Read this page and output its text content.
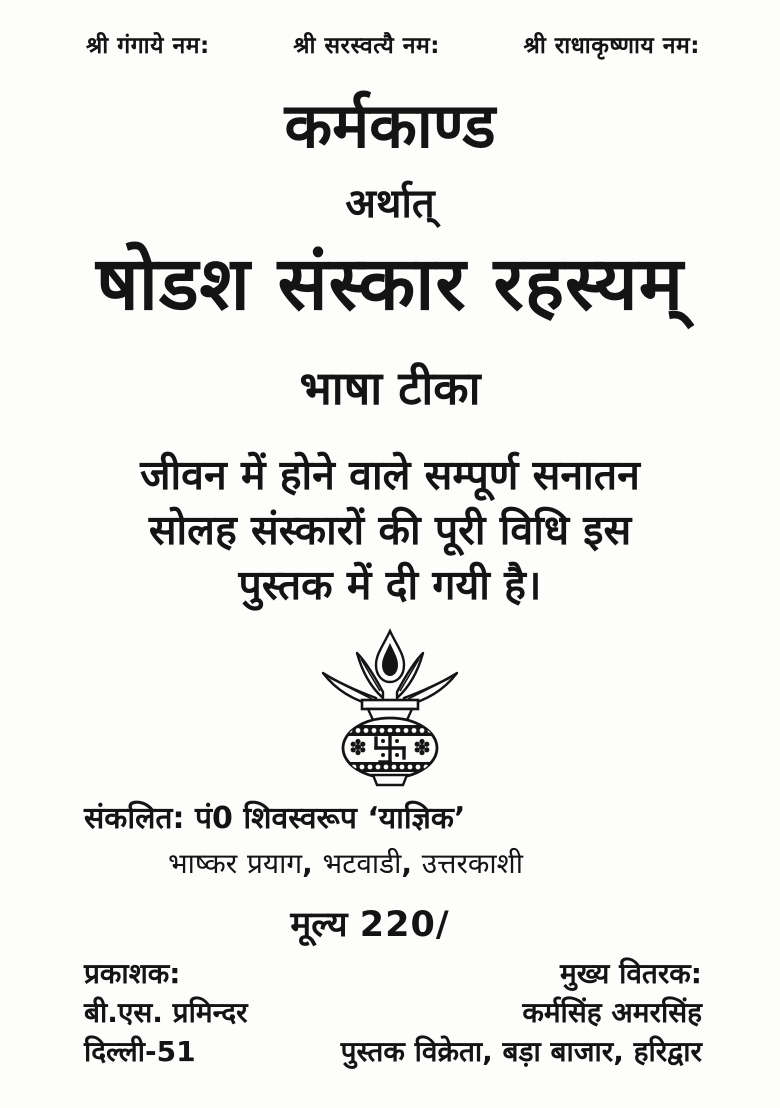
श्री गंगाये नम:	श्री सरस्वत्यै नम:	श्री राधाकृष्णाय नम:
कर्मकाण्ड
अर्थात्
षोडश संस्कार रहस्यम्
भाषा टीका
जीवन में होने वाले सम्पूर्ण सनातन
सोलह संस्कारों की पूरी विधि इस
पुस्तक में दी गयी है।
संकलित: पं0 शिवस्वरूप ‘याज्ञिक’
भाष्कर प्रयाग, भटवाडी, उत्तरकाशी
मूल्य 220/
प्रकाशक:
बी.एस. प्रमिन्दर
दिल्ली-51
मुख्य वितरक:
कर्मसिंह अमरसिंह
पुस्तक विक्रेता, बड़ा बाजार, हरिद्वार
